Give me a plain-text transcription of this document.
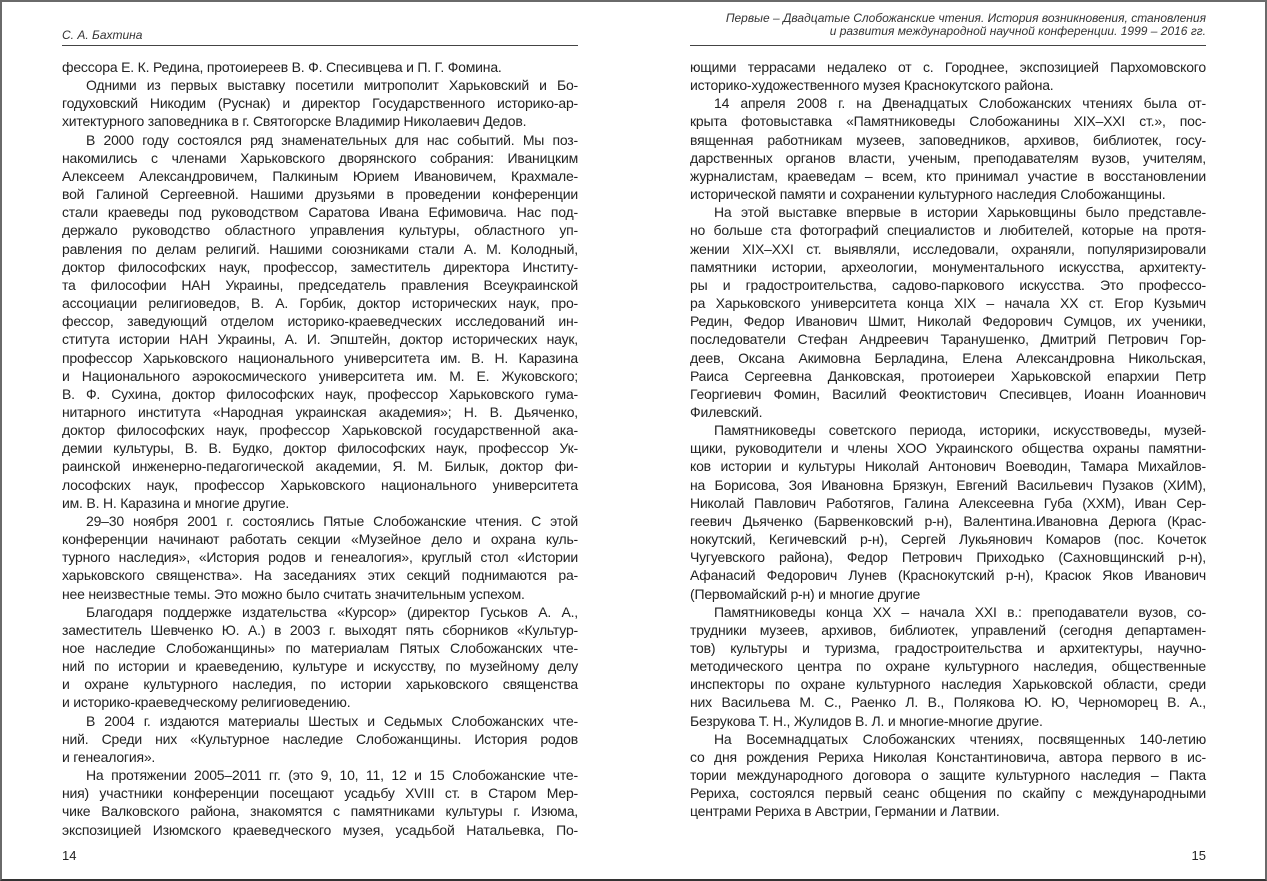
С. А. Бахтина
фессора Е. К. Редина, протоиереев В. Ф. Спесивцева и П. Г. Фомина.
Одними из первых выставку посетили митрополит Харьковский и Бо-
годуховский Никодим (Руснак) и директор Государственного историко-ар-
хитектурного заповедника в г. Святогорске Владимир Николаевич Дедов.
В 2000 году состоялся ряд знаменательных для нас событий. Мы поз-
накомились с членами Харьковского дворянского собрания: Иваницким
Алексеем Александровичем, Палкиным Юрием Ивановичем, Крахмале-
вой Галиной Сергеевной. Нашими друзьями в проведении конференции
стали краеведы под руководством Саратова Ивана Ефимовича. Нас под-
держало руководство областного управления культуры, областного уп-
равления по делам религий. Нашими союзниками стали А. М. Колодный,
доктор философских наук, профессор, заместитель директора Институ-
та философии НАН Украины, председатель правления Всеукраинской
ассоциации религиоведов, В. А. Горбик, доктор исторических наук, про-
фессор, заведующий отделом историко-краеведческих исследований ин-
ститута истории НАН Украины, А. И. Эпштейн, доктор исторических наук,
профессор Харьковского национального университета им. В. Н. Каразина
и Национального аэрокосмического университета им. М. Е. Жуковского;
В. Ф. Сухина, доктор философских наук, профессор Харьковского гума-
нитарного института «Народная украинская академия»; Н. В. Дьяченко,
доктор философских наук, профессор Харьковской государственной ака-
демии культуры, В. В. Будко, доктор философских наук, профессор Ук-
раинской инженерно-педагогической академии, Я. М. Билык, доктор фи-
лософских наук, профессор Харьковского национального университета
им. В. Н. Каразина и многие другие.
29–30 ноября 2001 г. состоялись Пятые Слобожанские чтения. С этой
конференции начинают работать секции «Музейное дело и охрана куль-
турного наследия», «История родов и генеалогия», круглый стол «Истории
харьковского священства». На заседаниях этих секций поднимаются ра-
нее неизвестные темы. Это можно было считать значительным успехом.
Благодаря поддержке издательства «Курсор» (директор Гуськов А. А.,
заместитель Шевченко Ю. А.) в 2003 г. выходят пять сборников «Культур-
ное наследие Слобожанщины» по материалам Пятых Слобожанских чте-
ний по истории и краеведению, культуре и искусству, по музейному делу
и охране культурного наследия, по истории харьковского священства
и историко-краеведческому религиоведению.
В 2004 г. издаются материалы Шестых и Седьмых Слобожанских чте-
ний. Среди них «Культурное наследие Слобожанщины. История родов
и генеалогия».
На протяжении 2005–2011 гг. (это 9, 10, 11, 12 и 15 Слобожанские чте-
ния) участники конференции посещают усадьбу XVIII ст. в Старом Мер-
чике Валковского района, знакомятся с памятниками культуры г. Изюма,
экспозицией Изюмского краеведческого музея, усадьбой Натальевка, По-
14
Первые – Двадцатые Слобожанские чтения. История возникновения, становления
и развития международной научной конференции. 1999 – 2016 гг.
ющими террасами недалеко от с. Городнее, экспозицией Пархомовского
историко-художественного музея Краснокутского района.
14 апреля 2008 г. на Двенадцатых Слобожанских чтениях была от-
крыта фотовыставка «Памятниковеды Слобожанины XIX–XXI ст.», пос-
вященная работникам музеев, заповедников, архивов, библиотек, госу-
дарственных органов власти, ученым, преподавателям вузов, учителям,
журналистам, краеведам – всем, кто принимал участие в восстановлении
исторической памяти и сохранении культурного наследия Слобожанщины.
На этой выставке впервые в истории Харьковщины было представле-
но больше ста фотографий специалистов и любителей, которые на протя-
жении XIX–XXI ст. выявляли, исследовали, охраняли, популяризировали
памятники истории, археологии, монументального искусства, архитекту-
ры и градостроительства, садово-паркового искусства. Это профессо-
ра Харьковского университета конца XIX – начала XX ст. Егор Кузьмич
Редин, Федор Иванович Шмит, Николай Федорович Сумцов, их ученики,
последователи Стефан Андреевич Таранушенко, Дмитрий Петрович Гор-
деев, Оксана Акимовна Берладина, Елена Александровна Никольская,
Раиса Сергеевна Данковская, протоиереи Харьковской епархии Петр
Георгиевич Фомин, Василий Феоктистович Спесивцев, Иоанн Иоаннович
Филевский.
Памятниковеды советского периода, историки, искусствоведы, музей-
щики, руководители и члены ХОО Украинского общества охраны памятни-
ков истории и культуры Николай Антонович Воеводин, Тамара Михайлов-
на Борисова, Зоя Ивановна Брязкун, Евгений Васильевич Пузаков (ХИМ),
Николай Павлович Работягов, Галина Алексеевна Губа (ХХМ), Иван Сер-
геевич Дьяченко (Барвенковский р-н), Валентина.Ивановна Дерюга (Крас-
нокутский, Кегичевский р-н), Сергей Лукьянович Комаров (пос. Кочеток
Чугуевского района), Федор Петрович Приходько (Сахновщинский р-н),
Афанасий Федорович Лунев (Краснокутский р-н), Красюк Яков Иванович
(Первомайский р-н) и многие другие
Памятниковеды конца XX – начала XXI в.: преподаватели вузов, со-
трудники музеев, архивов, библиотек, управлений (сегодня департамен-
тов) культуры и туризма, градостроительства и архитектуры, научно-
методического центра по охране культурного наследия, общественные
инспекторы по охране культурного наследия Харьковской области, среди
них Васильева М. С., Раенко Л. В., Полякова Ю. Ю, Черноморец В. А.,
Безрукова Т. Н., Жулидов В. Л. и многие-многие другие.
На Восемнадцатых Слобожанских чтениях, посвященных 140-летию
со дня рождения Рериха Николая Константиновича, автора первого в ис-
тории международного договора о защите культурного наследия – Пакта
Рериха, состоялся первый сеанс общения по скайпу с международными
центрами Рериха в Австрии, Германии и Латвии.
15
